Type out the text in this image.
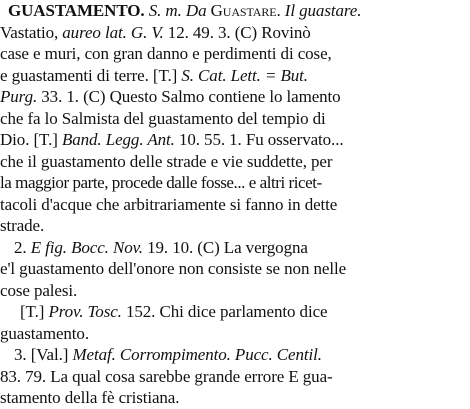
GUASTAMENTO. S. m. Da Guastare. Il guastare.
Vastatio, aureo lat. G. V. 12. 49. 3. (C) Rovinò
case e muri, con gran danno e perdimenti di cose,
e guastamenti di terre. [T.] S. Cat. Lett. = But.
Purg. 33. 1. (C) Questo Salmo contiene lo lamento
che fa lo Salmista del guastamento del tempio di
Dio. [T.] Band. Legg. Ant. 10. 55. 1. Fu osservato...
che il guastamento delle strade e vie suddette, per
la maggior parte, procede dalle fosse... e altri ricet-
tacoli d'acque che arbitrariamente si fanno in dette
strade.
2. E fig. Bocc. Nov. 19. 10. (C) La vergogna
e'l guastamento dell'onore non consiste se non nelle
cose palesi.
[T.] Prov. Tosc. 152. Chi dice parlamento dice
guastamento.
3. [Val.] Metaf. Corrompimento. Pucc. Centil.
83. 79. La qual cosa sarebbe grande errore E gua-
stamento della fè cristiana.
